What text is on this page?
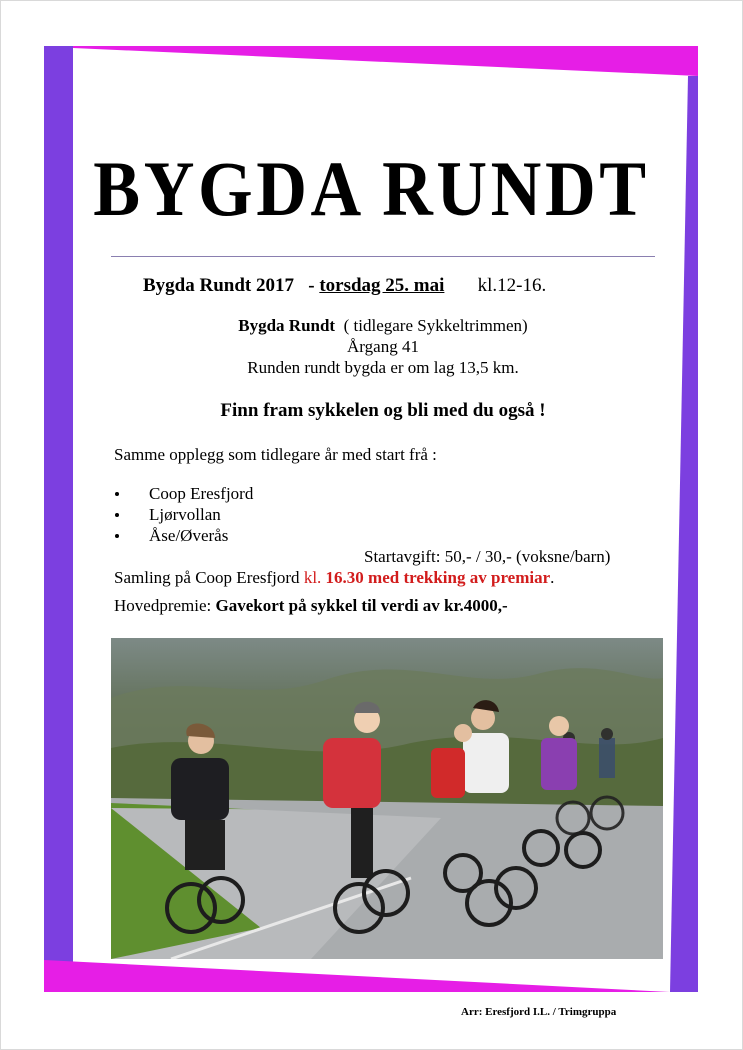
BYGDA RUNDT
Bygda Rundt 2017 - torsdag 25. mai kl.12-16.
Bygda Rundt ( tidlegare Sykkeltrimmen)
Årgang 41
Runden rundt bygda er om lag 13,5 km.
Finn fram sykkelen og bli med du også !
Samme opplegg som tidlegare år med start frå :
Coop Eresfjord
Ljørvollan
Åse/Øverås
Startavgift: 50,- / 30,- (voksne/barn)
Samling på Coop Eresfjord kl. 16.30 med trekking av premiar.
Hovedpremie: Gavekort på sykkel til verdi av kr.4000,-
Arr: Eresfjord I.L. / Trimgruppa
